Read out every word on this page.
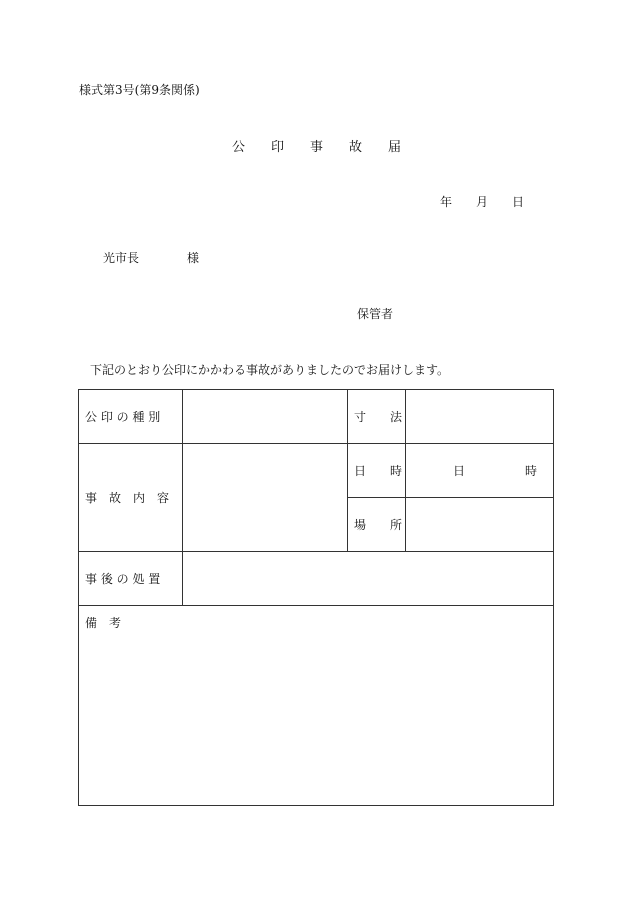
様式第3号(第9条関係)
公　　印　　事　　故　　届
年　　月　　日
光市長　　　　様
保管者
下記のとおり公印にかかわる事故がありましたのでお届けします。
公 印 の 種 別		寸　　法	
事　故　内　容		日　　時	日　　　　　時
		場　　所	
事 後 の 処 置			
備　考			
